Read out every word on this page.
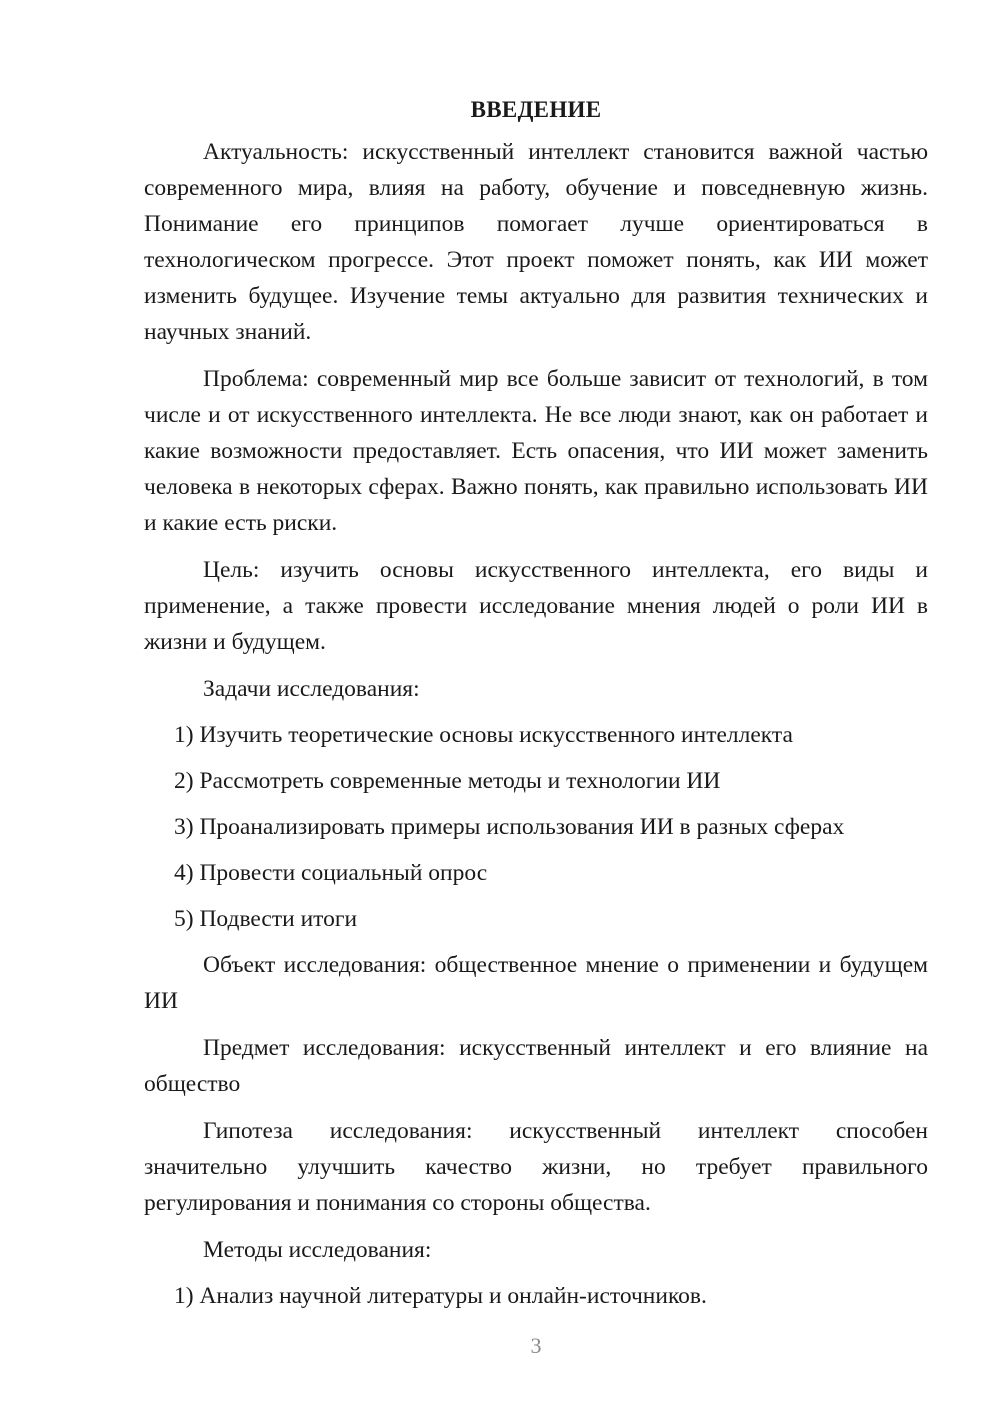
ВВЕДЕНИЕ

Актуальность: искусственный интеллект становится важной частью современного мира, влияя на работу, обучение и повседневную жизнь. Понимание его принципов помогает лучше ориентироваться в технологическом прогрессе. Этот проект поможет понять, как ИИ может изменить будущее. Изучение темы актуально для развития технических и научных знаний.

Проблема: современный мир все больше зависит от технологий, в том числе и от искусственного интеллекта. Не все люди знают, как он работает и какие возможности предоставляет. Есть опасения, что ИИ может заменить человека в некоторых сферах. Важно понять, как правильно использовать ИИ и какие есть риски.

Цель: изучить основы искусственного интеллекта, его виды и применение, а также провести исследование мнения людей о роли ИИ в жизни и будущем.

Задачи исследования:

1) Изучить теоретические основы искусственного интеллекта

2) Рассмотреть современные методы и технологии ИИ

3) Проанализировать примеры использования ИИ в разных сферах

4) Провести социальный опрос

5) Подвести итоги

Объект исследования: общественное мнение о применении и будущем ИИ

Предмет исследования: искусственный интеллект и его влияние на общество

Гипотеза исследования: искусственный интеллект способен значительно улучшить качество жизни, но требует правильного регулирования и понимания со стороны общества.

Методы исследования:

1) Анализ научной литературы и онлайн-источников.

3
